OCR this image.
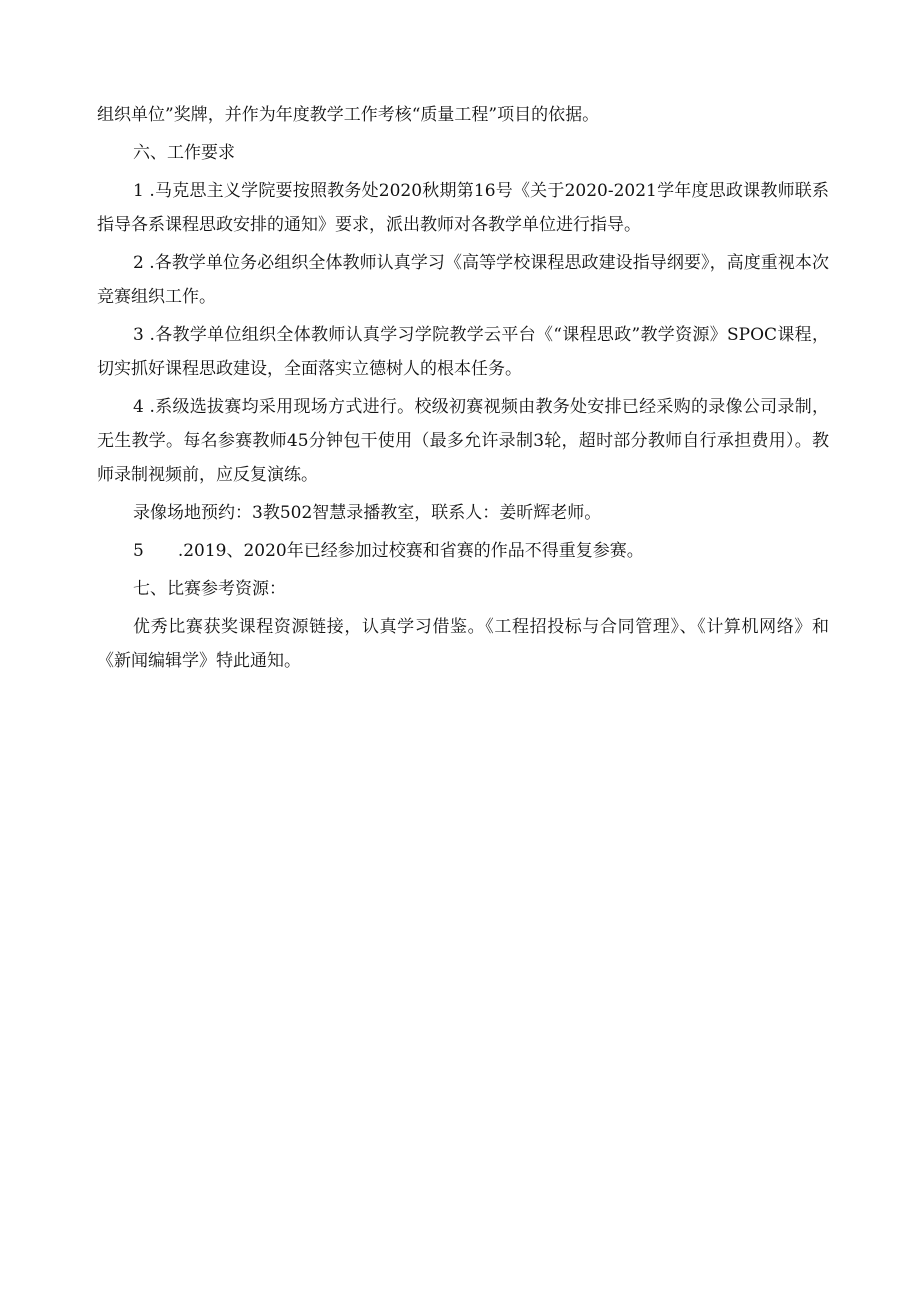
组织单位”奖牌，并作为年度教学工作考核“质量工程”项目的依据。

六、工作要求

1 .马克思主义学院要按照教务处2020秋期第16号《关于2020-2021学年度思政课教师联系指导各系课程思政安排的通知》要求，派出教师对各教学单位进行指导。

2 .各教学单位务必组织全体教师认真学习《高等学校课程思政建设指导纲要》，高度重视本次竞赛组织工作。

3 .各教学单位组织全体教师认真学习学院教学云平台《“课程思政”教学资源》SPOC课程，切实抓好课程思政建设，全面落实立德树人的根本任务。

4 .系级选拔赛均采用现场方式进行。校级初赛视频由教务处安排已经采购的录像公司录制，无生教学。每名参赛教师45分钟包干使用（最多允许录制3轮，超时部分教师自行承担费用）。教师录制视频前，应反复演练。

录像场地预约：3教502智慧录播教室，联系人：姜昕辉老师。

5　　.2019、2020年已经参加过校赛和省赛的作品不得重复参赛。

七、比赛参考资源：

优秀比赛获奖课程资源链接，认真学习借鉴。《工程招投标与合同管理》、《计算机网络》和《新闻编辑学》特此通知。
